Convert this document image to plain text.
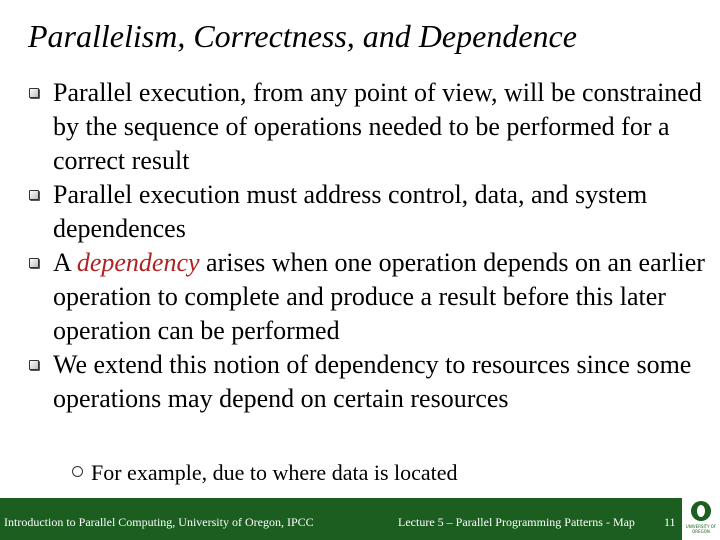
Parallelism, Correctness, and Dependence
Parallel execution, from any point of view, will be constrained by the sequence of operations needed to be performed for a correct result
Parallel execution must address control, data, and system dependences
A dependency arises when one operation depends on an earlier operation to complete and produce a result before this later operation can be performed
We extend this notion of dependency to resources since some operations may depend on certain resources
For example, due to where data is located
Introduction to Parallel Computing, University of Oregon, IPCC	Lecture 5 – Parallel Programming Patterns - Map 11	UNIVERSITY OF OREGON
